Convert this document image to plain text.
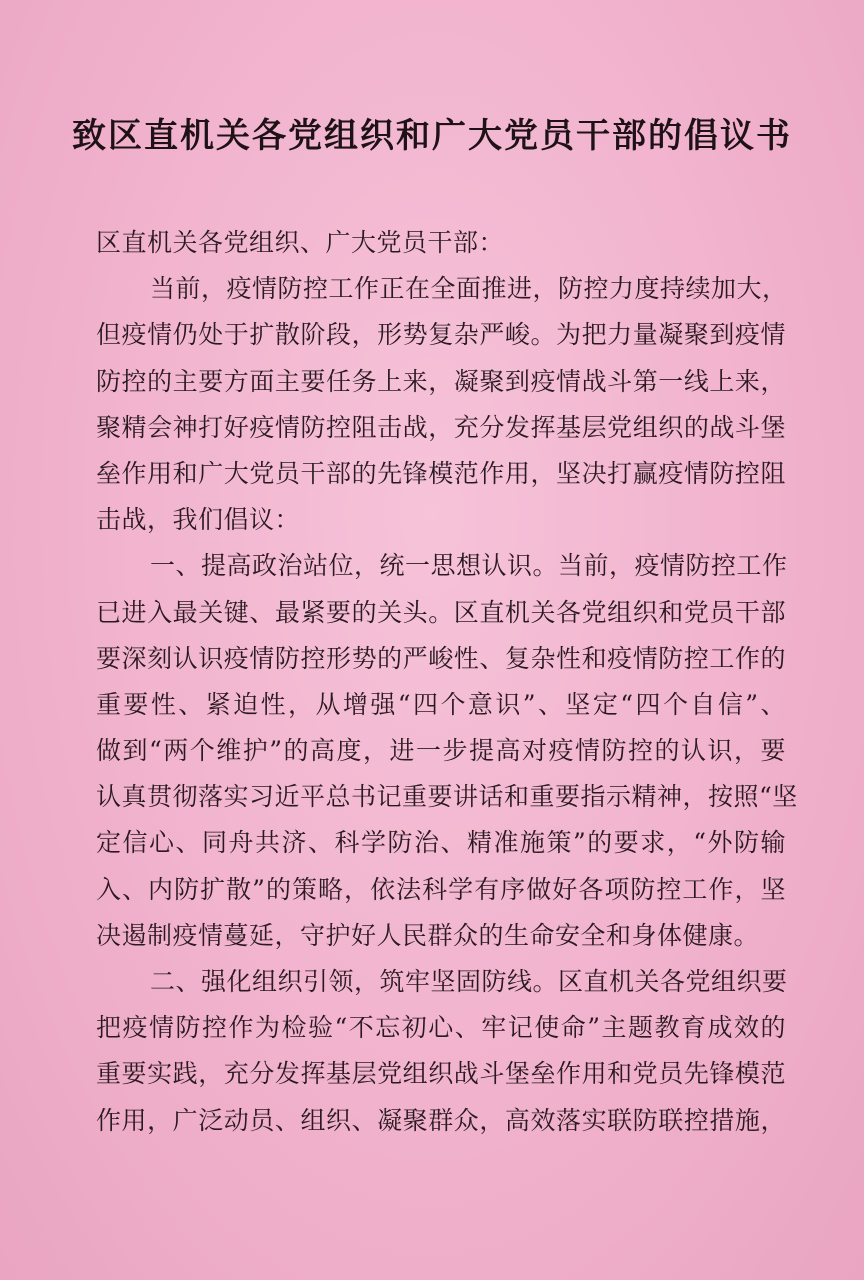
致区直机关各党组织和广大党员干部的倡议书
区直机关各党组织、广大党员干部：
当前，疫情防控工作正在全面推进，防控力度持续加大，
但疫情仍处于扩散阶段，形势复杂严峻。为把力量凝聚到疫情
防控的主要方面主要任务上来，凝聚到疫情战斗第一线上来，
聚精会神打好疫情防控阻击战，充分发挥基层党组织的战斗堡
垒作用和广大党员干部的先锋模范作用，坚决打赢疫情防控阻
击战，我们倡议：
一、提高政治站位，统一思想认识。当前，疫情防控工作
已进入最关键、最紧要的关头。区直机关各党组织和党员干部
要深刻认识疫情防控形势的严峻性、复杂性和疫情防控工作的
重要性、紧迫性，从增强“四个意识”、坚定“四个自信”、
做到“两个维护”的高度，进一步提高对疫情防控的认识，要
认真贯彻落实习近平总书记重要讲话和重要指示精神，按照“坚
定信心、同舟共济、科学防治、精准施策”的要求，“外防输
入、内防扩散”的策略，依法科学有序做好各项防控工作，坚
决遏制疫情蔓延，守护好人民群众的生命安全和身体健康。
二、强化组织引领，筑牢坚固防线。区直机关各党组织要
把疫情防控作为检验“不忘初心、牢记使命”主题教育成效的
重要实践，充分发挥基层党组织战斗堡垒作用和党员先锋模范
作用，广泛动员、组织、凝聚群众，高效落实联防联控措施，
